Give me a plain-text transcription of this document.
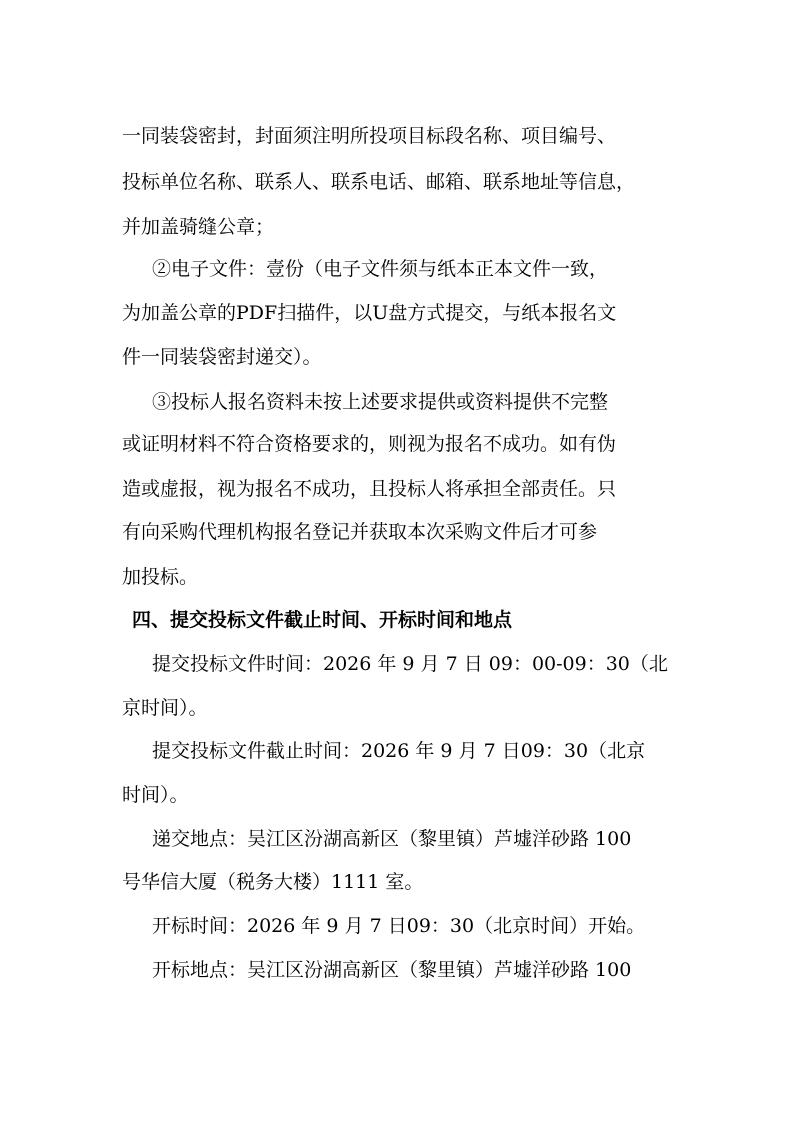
一同装袋密封，封面须注明所投项目标段名称、项目编号、

投标单位名称、联系人、联系电话、邮箱、联系地址等信息，

并加盖骑缝公章；

②电子文件：壹份（电子文件须与纸本正本文件一致，

为加盖公章的PDF扫描件，以U盘方式提交，与纸本报名文

件一同装袋密封递交）。

③投标人报名资料未按上述要求提供或资料提供不完整

或证明材料不符合资格要求的，则视为报名不成功。如有伪

造或虚报，视为报名不成功，且投标人将承担全部责任。只

有向采购代理机构报名登记并获取本次采购文件后才可参

加投标。

四、提交投标文件截止时间、开标时间和地点

提交投标文件时间：2026 年 9 月 7 日 09：00-09：30（北

京时间）。

提交投标文件截止时间：2026 年 9 月 7 日09：30（北京

时间）。

递交地点：吴江区汾湖高新区（黎里镇）芦墟洋砂路 100

号华信大厦（税务大楼）1111 室。

开标时间：2026 年 9 月 7 日09：30（北京时间）开始。

开标地点：吴江区汾湖高新区（黎里镇）芦墟洋砂路 100
